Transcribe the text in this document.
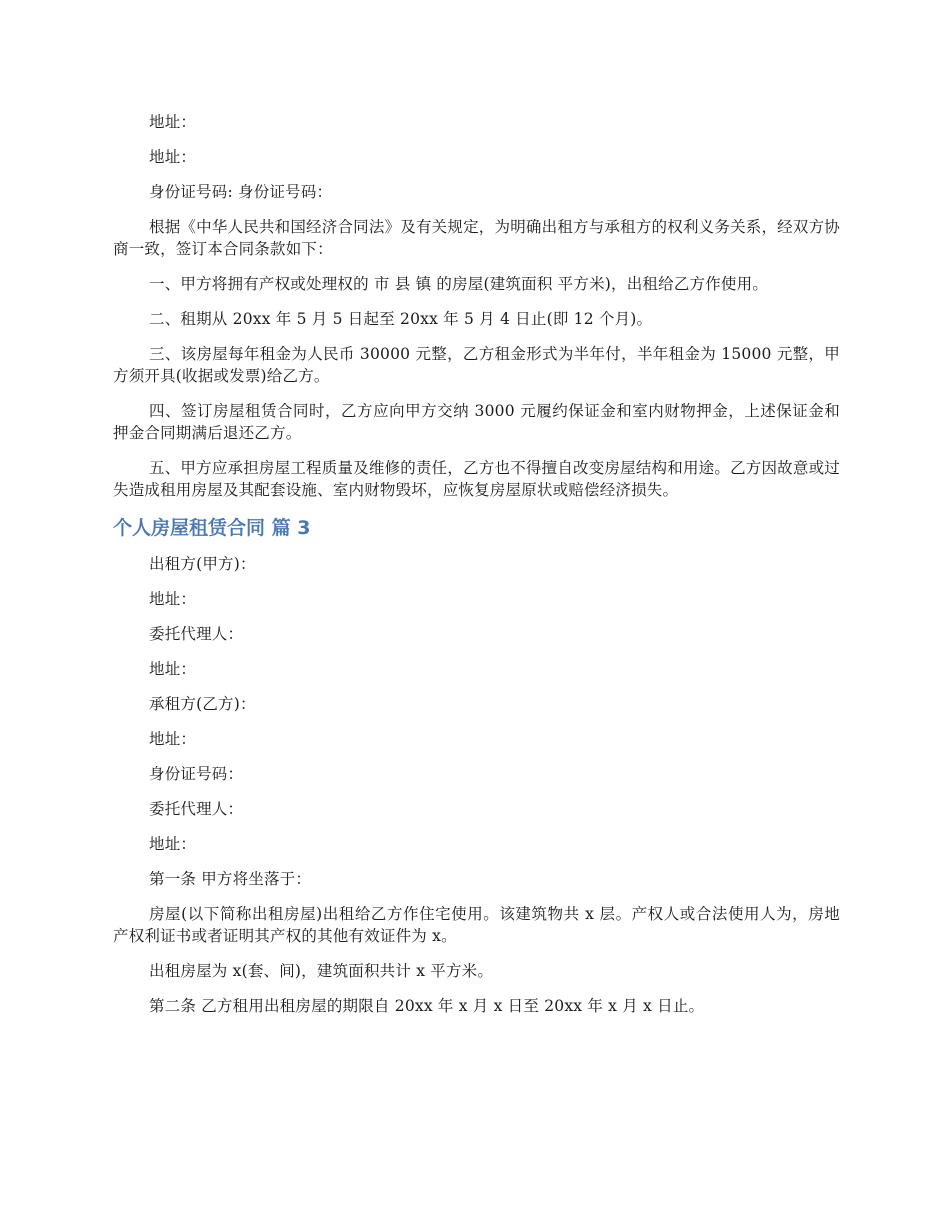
地址：

地址：

身份证号码: 身份证号码：

根据《中华人民共和国经济合同法》及有关规定，为明确出租方与承租方的权利义务关系，经双方协商一致，签订本合同条款如下：

一、甲方将拥有产权或处理权的 市 县 镇 的房屋(建筑面积 平方米)，出租给乙方作使用。

二、租期从 20xx 年 5 月 5 日起至 20xx 年 5 月 4 日止(即 12 个月)。

三、该房屋每年租金为人民币 30000 元整，乙方租金形式为半年付，半年租金为 15000 元整，甲方须开具(收据或发票)给乙方。

四、签订房屋租赁合同时，乙方应向甲方交纳 3000 元履约保证金和室内财物押金，上述保证金和押金合同期满后退还乙方。

五、甲方应承担房屋工程质量及维修的责任，乙方也不得擅自改变房屋结构和用途。乙方因故意或过失造成租用房屋及其配套设施、室内财物毁坏，应恢复房屋原状或赔偿经济损失。

个人房屋租赁合同 篇 3

出租方(甲方)：

地址：

委托代理人：

地址：

承租方(乙方)：

地址：

身份证号码：

委托代理人：

地址：

第一条 甲方将坐落于：

房屋(以下简称出租房屋)出租给乙方作住宅使用。该建筑物共 x 层。产权人或合法使用人为，房地产权利证书或者证明其产权的其他有效证件为 x。

出租房屋为 x(套、间)，建筑面积共计 x 平方米。

第二条 乙方租用出租房屋的期限自 20xx 年 x 月 x 日至 20xx 年 x 月 x 日止。
